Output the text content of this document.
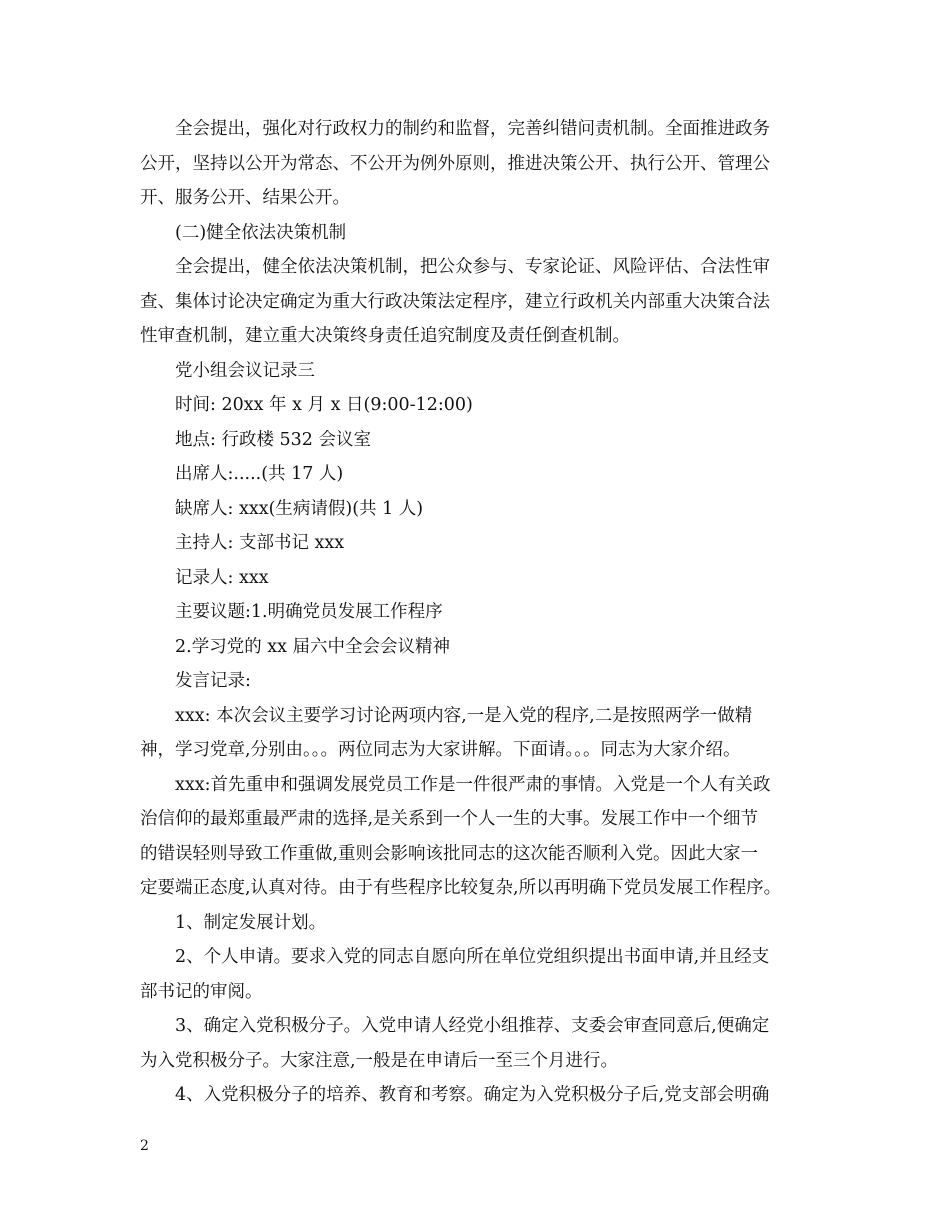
全会提出，强化对行政权力的制约和监督，完善纠错问责机制。全面推进政务

公开，坚持以公开为常态、不公开为例外原则，推进决策公开、执行公开、管理公

开、服务公开、结果公开。

(二)健全依法决策机制

全会提出，健全依法决策机制，把公众参与、专家论证、风险评估、合法性审

查、集体讨论决定确定为重大行政决策法定程序，建立行政机关内部重大决策合法

性审查机制，建立重大决策终身责任追究制度及责任倒查机制。

党小组会议记录三

时间: 20xx 年 x 月 x 日(9:00-12:00)

地点: 行政楼 532 会议室

出席人:.....(共 17 人)

缺席人: xxx(生病请假)(共 1 人)

主持人: 支部书记 xxx

记录人: xxx

主要议题:1.明确党员发展工作程序

2.学习党的 xx 届六中全会会议精神

发言记录:

xxx: 本次会议主要学习讨论两项内容,一是入党的程序,二是按照两学一做精

神，学习党章,分别由。。。两位同志为大家讲解。下面请。。。同志为大家介绍。

xxx:首先重申和强调发展党员工作是一件很严肃的事情。入党是一个人有关政

治信仰的最郑重最严肃的选择,是关系到一个人一生的大事。发展工作中一个细节

的错误轻则导致工作重做,重则会影响该批同志的这次能否顺利入党。因此大家一

定要端正态度,认真对待。由于有些程序比较复杂,所以再明确下党员发展工作程序。

1、制定发展计划。

2、个人申请。要求入党的同志自愿向所在单位党组织提出书面申请,并且经支

部书记的审阅。

3、确定入党积极分子。入党申请人经党小组推荐、支委会审查同意后,便确定

为入党积极分子。大家注意,一般是在申请后一至三个月进行。

4、入党积极分子的培养、教育和考察。确定为入党积极分子后,党支部会明确

2
